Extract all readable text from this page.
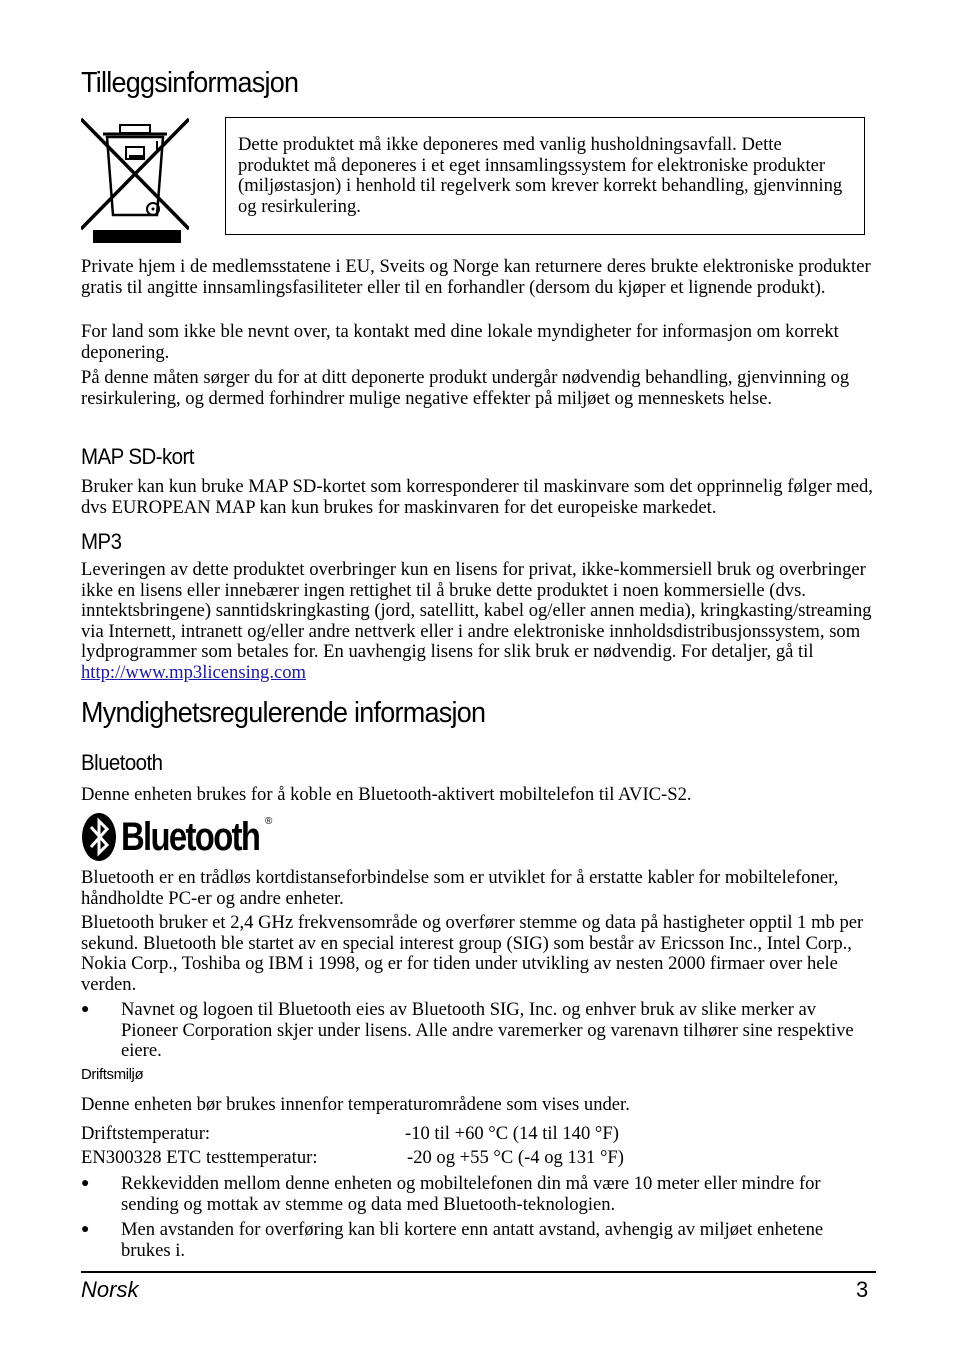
Tilleggsinformasjon

Dette produktet må ikke deponeres med vanlig husholdningsavfall. Dette produktet må deponeres i et eget innsamlingssystem for elektroniske produkter (miljøstasjon) i henhold til regelverk som krever korrekt behandling, gjenvinning og resirkulering.

Private hjem i de medlemsstatene i EU, Sveits og Norge kan returnere deres brukte elektroniske produkter gratis til angitte innsamlingsfasiliteter eller til en forhandler (dersom du kjøper et lignende produkt).

For land som ikke ble nevnt over, ta kontakt med dine lokale myndigheter for informasjon om korrekt deponering.

På denne måten sørger du for at ditt deponerte produkt undergår nødvendig behandling, gjenvinning og resirkulering, og dermed forhindrer mulige negative effekter på miljøet og menneskets helse.

MAP SD-kort

Bruker kan kun bruke MAP SD-kortet som korresponderer til maskinvare som det opprinnelig følger med, dvs EUROPEAN MAP kan kun brukes for maskinvaren for det europeiske markedet.

MP3

Leveringen av dette produktet overbringer kun en lisens for privat, ikke-kommersiell bruk og overbringer ikke en lisens eller innebærer ingen rettighet til å bruke dette produktet i noen kommersielle (dvs. inntektsbringene) sanntidskringkasting (jord, satellitt, kabel og/eller annen media), kringkasting/streaming via Internett, intranett og/eller andre nettverk eller i andre elektroniske innholdsdistribusjonssystem, som lydprogrammer som betales for. En uavhengig lisens for slik bruk er nødvendig. For detaljer, gå til http://www.mp3licensing.com

Myndighetsregulerende informasjon
Bluetooth

Denne enheten brukes for å koble en Bluetooth-aktivert mobiltelefon til AVIC-S2.

Bluetooth ®

Bluetooth er en trådløs kortdistanseforbindelse som er utviklet for å erstatte kabler for mobiltelefoner, håndholdte PC-er og andre enheter.

Bluetooth bruker et 2,4 GHz frekvensområde og overfører stemme og data på hastigheter opptil 1 mb per sekund. Bluetooth ble startet av en special interest group (SIG) som består av Ericsson Inc., Intel Corp., Nokia Corp., Toshiba og IBM i 1998, og er for tiden under utvikling av nesten 2000 firmaer over hele verden.

●	Navnet og logoen til Bluetooth eies av Bluetooth SIG, Inc. og enhver bruk av slike merker av Pioneer Corporation skjer under lisens. Alle andre varemerker og varenavn tilhører sine respektive eiere.
Driftsmiljø

Denne enheten bør brukes innenfor temperaturområdene som vises under.

Driftstemperatur:	-10 til +60 °C (14 til 140 °F)
EN300328 ETC testtemperatur:	-20 og +55 °C (-4 og 131 °F)
●	Rekkevidden mellom denne enheten og mobiltelefonen din må være 10 meter eller mindre for sending og mottak av stemme og data med Bluetooth-teknologien.
●	Men avstanden for overføring kan bli kortere enn antatt avstand, avhengig av miljøet enhetene brukes i.
Norsk	3
